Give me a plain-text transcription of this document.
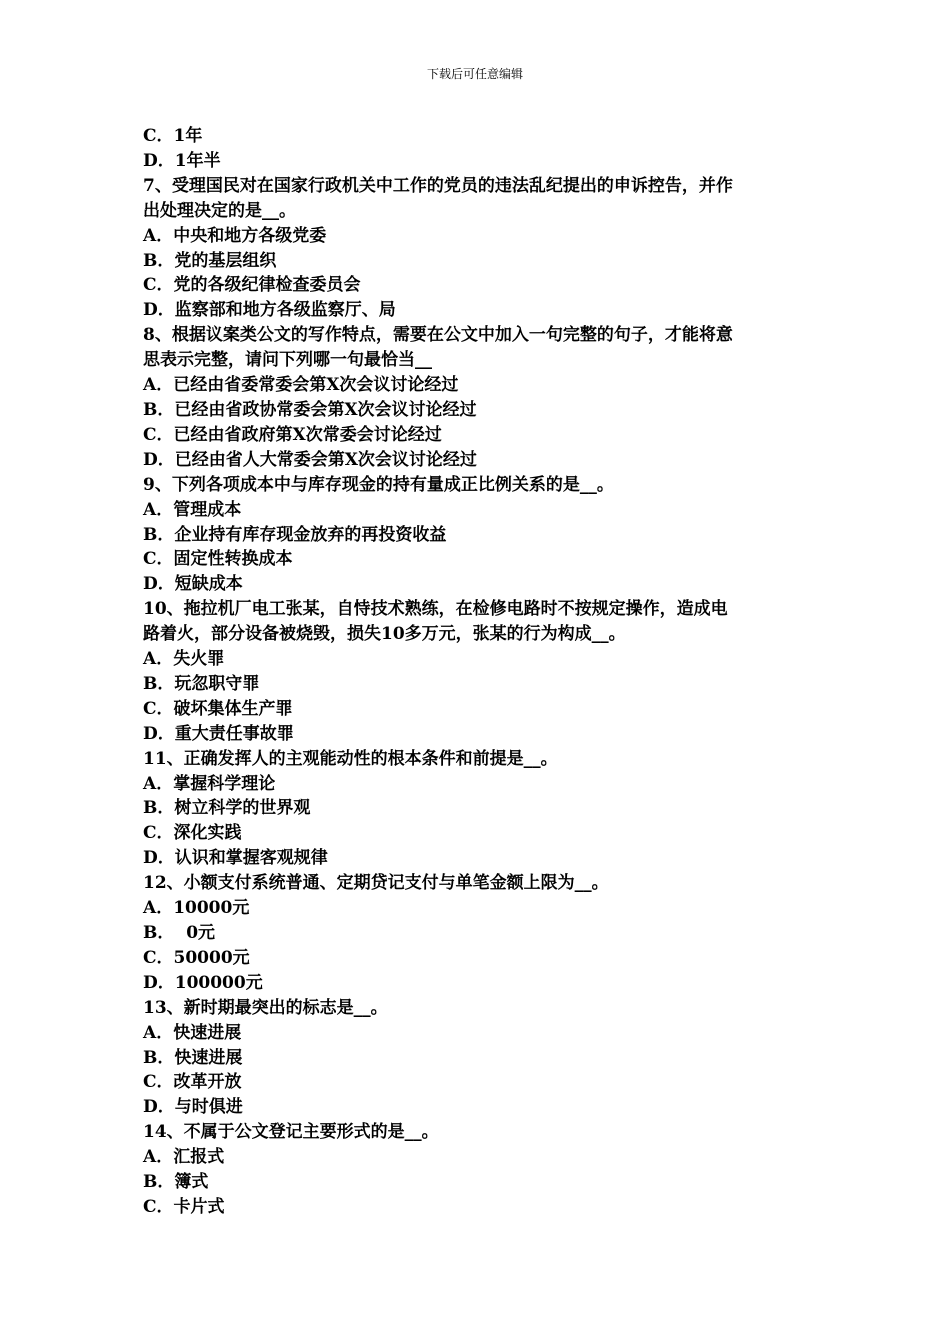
下载后可任意编辑
C．1年
D．1年半
7、受理国民对在国家行政机关中工作的党员的违法乱纪提出的申诉控告，并作
出处理决定的是__。
A．中央和地方各级党委
B．党的基层组织
C．党的各级纪律检查委员会
D．监察部和地方各级监察厅、局
8、根据议案类公文的写作特点，需要在公文中加入一句完整的句子，才能将意
思表示完整，请问下列哪一句最恰当__
A．已经由省委常委会第X次会议讨论经过
B．已经由省政协常委会第X次会议讨论经过
C．已经由省政府第X次常委会讨论经过
D．已经由省人大常委会第X次会议讨论经过
9、下列各项成本中与库存现金的持有量成正比例关系的是__。
A．管理成本
B．企业持有库存现金放弃的再投资收益
C．固定性转换成本
D．短缺成本
10、拖拉机厂电工张某，自恃技术熟练，在检修电路时不按规定操作，造成电
路着火，部分设备被烧毁，损失10多万元，张某的行为构成__。
A．失火罪
B．玩忽职守罪
C．破坏集体生产罪
D．重大责任事故罪
11、正确发挥人的主观能动性的根本条件和前提是__。
A．掌握科学理论
B．树立科学的世界观
C．深化实践
D．认识和掌握客观规律
12、小额支付系统普通、定期贷记支付与单笔金额上限为__。
A．10000元
B．  0元
C．50000元
D．100000元
13、新时期最突出的标志是__。
A．快速进展
B．快速进展
C．改革开放
D．与时俱进
14、不属于公文登记主要形式的是__。
A．汇报式
B．簿式
C．卡片式
